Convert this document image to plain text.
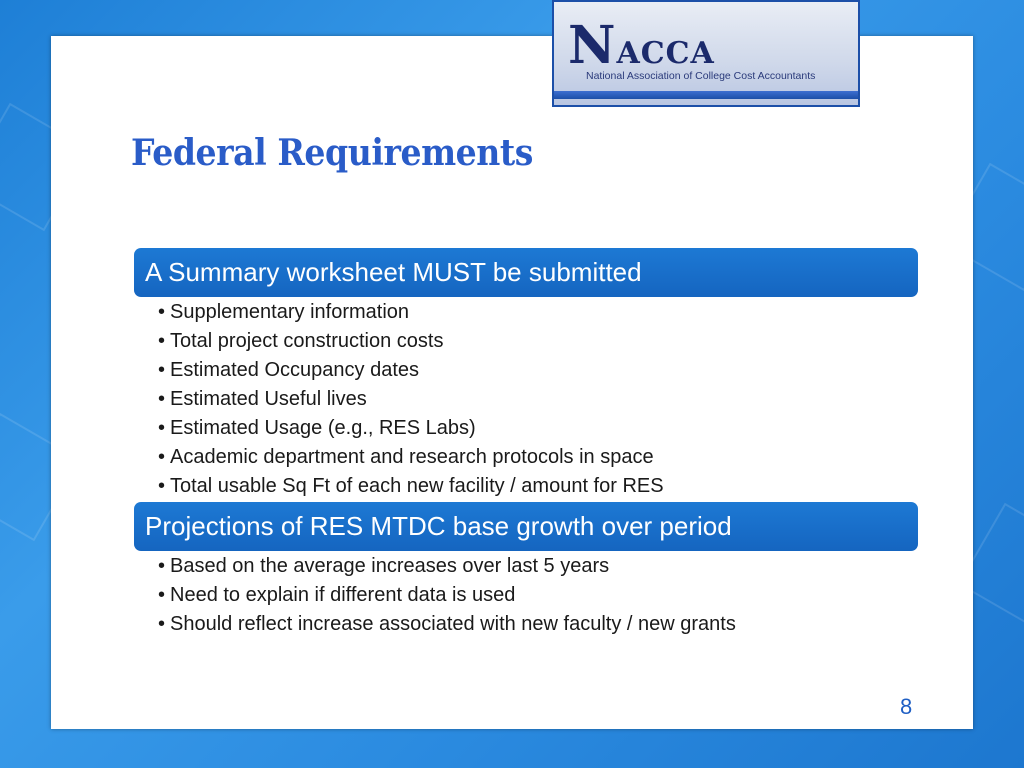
NACCA
National Association of College Cost Accountants
Federal Requirements
A Summary worksheet MUST be submitted
• Supplementary information
• Total project construction costs
• Estimated Occupancy dates
• Estimated Useful lives
• Estimated Usage (e.g., RES Labs)
• Academic department and research protocols in space
• Total usable Sq Ft of each new facility / amount for RES
Projections of RES MTDC base growth over period
• Based on the average increases over last 5 years
• Need to explain if different data is used
• Should reflect increase associated with new faculty / new grants
8
